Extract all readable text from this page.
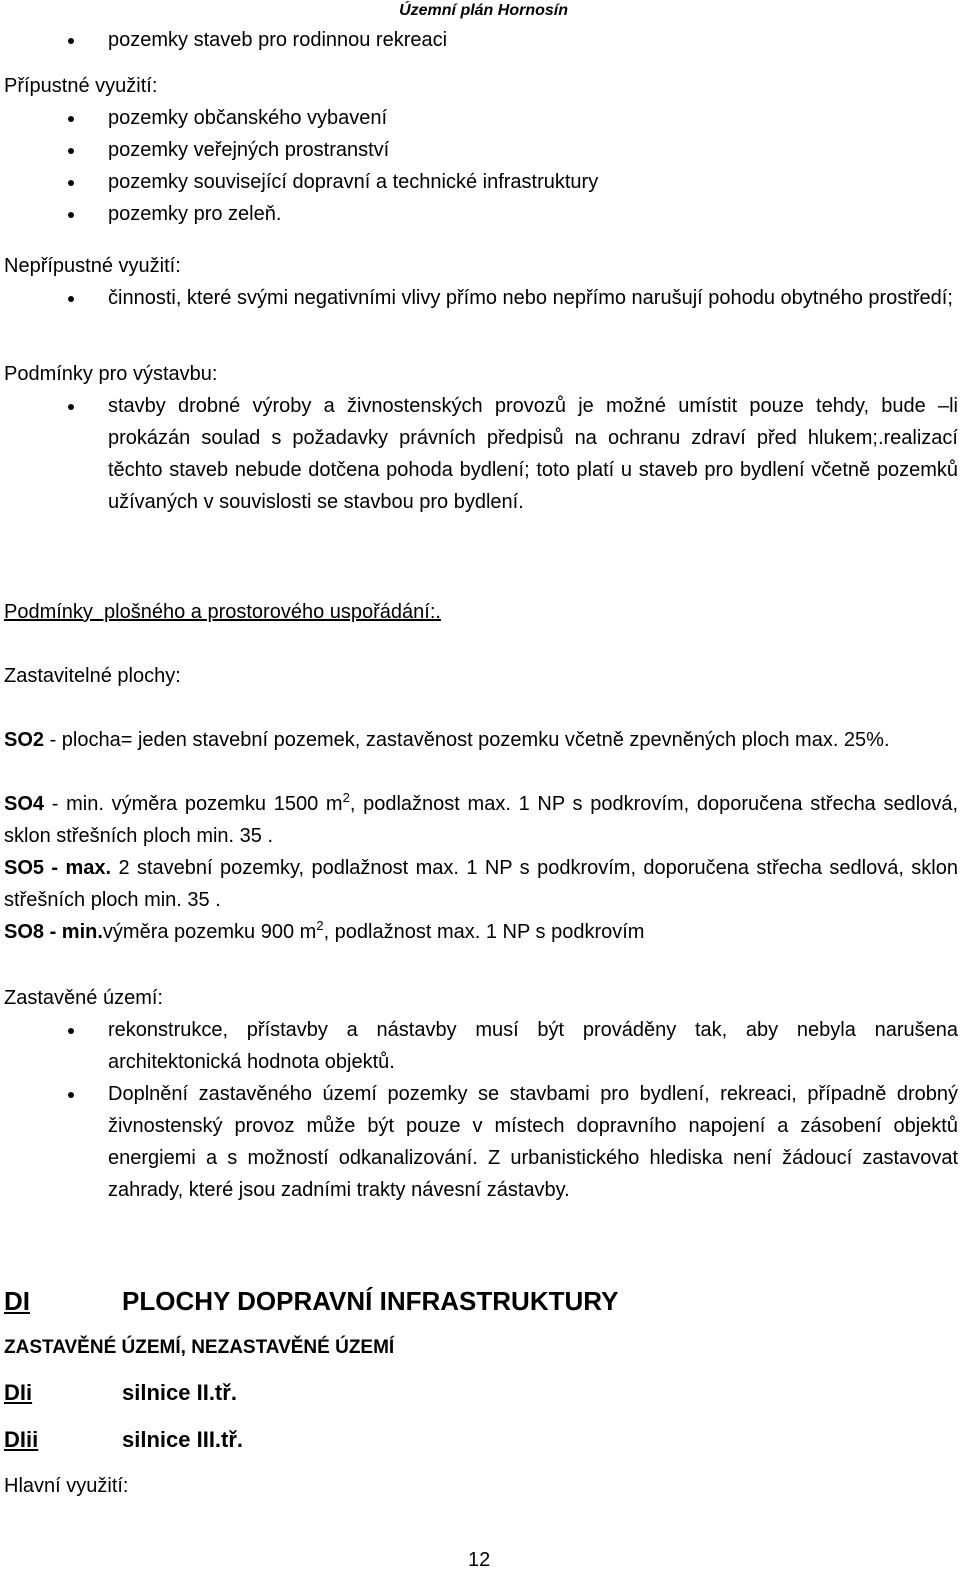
Územní plán Hornosín
pozemky staveb pro rodinnou rekreaci
Přípustné využití:
pozemky občanského vybavení
pozemky veřejných prostranství
pozemky související dopravní a technické infrastruktury
pozemky pro zeleň.
Nepřípustné využití:
činnosti, které svými negativními vlivy přímo nebo nepřímo narušují pohodu obytného prostředí;
Podmínky pro výstavbu:
stavby drobné výroby a živnostenských provozů je možné umístit pouze tehdy, bude –li prokázán soulad s požadavky právních předpisů na ochranu zdraví před hlukem;.realizací těchto staveb nebude dotčena pohoda bydlení; toto platí u staveb pro bydlení včetně pozemků užívaných v souvislosti se stavbou pro bydlení.
Podmínky  plošného a prostorového uspořádání:.
Zastavitelné plochy:
SO2 - plocha= jeden stavební pozemek, zastavěnost pozemku včetně zpevněných ploch max. 25%.
SO4 - min. výměra pozemku 1500 $m^2$, podlažnost max. 1 NP s podkrovím, doporučena střecha sedlová, sklon střešních ploch min. 35 .
SO5 - max. 2 stavební pozemky, podlažnost max. 1 NP s podkrovím, doporučena střecha sedlová, sklon střešních ploch min. 35 .
SO8 - min.výměra pozemku 900 $m^2$, podlažnost max. 1 NP s podkrovím
Zastavěné území:
rekonstrukce, přístavby a nástavby musí být prováděny tak, aby nebyla narušena architektonická hodnota objektů.
Doplnění zastavěného území pozemky se stavbami pro bydlení, rekreaci, případně drobný živnostenský provoz může být pouze v místech dopravního napojení a zásobení objektů energiemi a s možností odkanalizování. Z urbanistického hlediska není žádoucí zastavovat zahrady, které jsou zadními trakty návesní zástavby.
DI	PLOCHY DOPRAVNÍ INFRASTRUKTURY
ZASTAVĚNÉ ÚZEMÍ, NEZASTAVĚNÉ ÚZEMÍ
DIi	silnice II.tř.
DIii	silnice III.tř.
Hlavní využití:
12
